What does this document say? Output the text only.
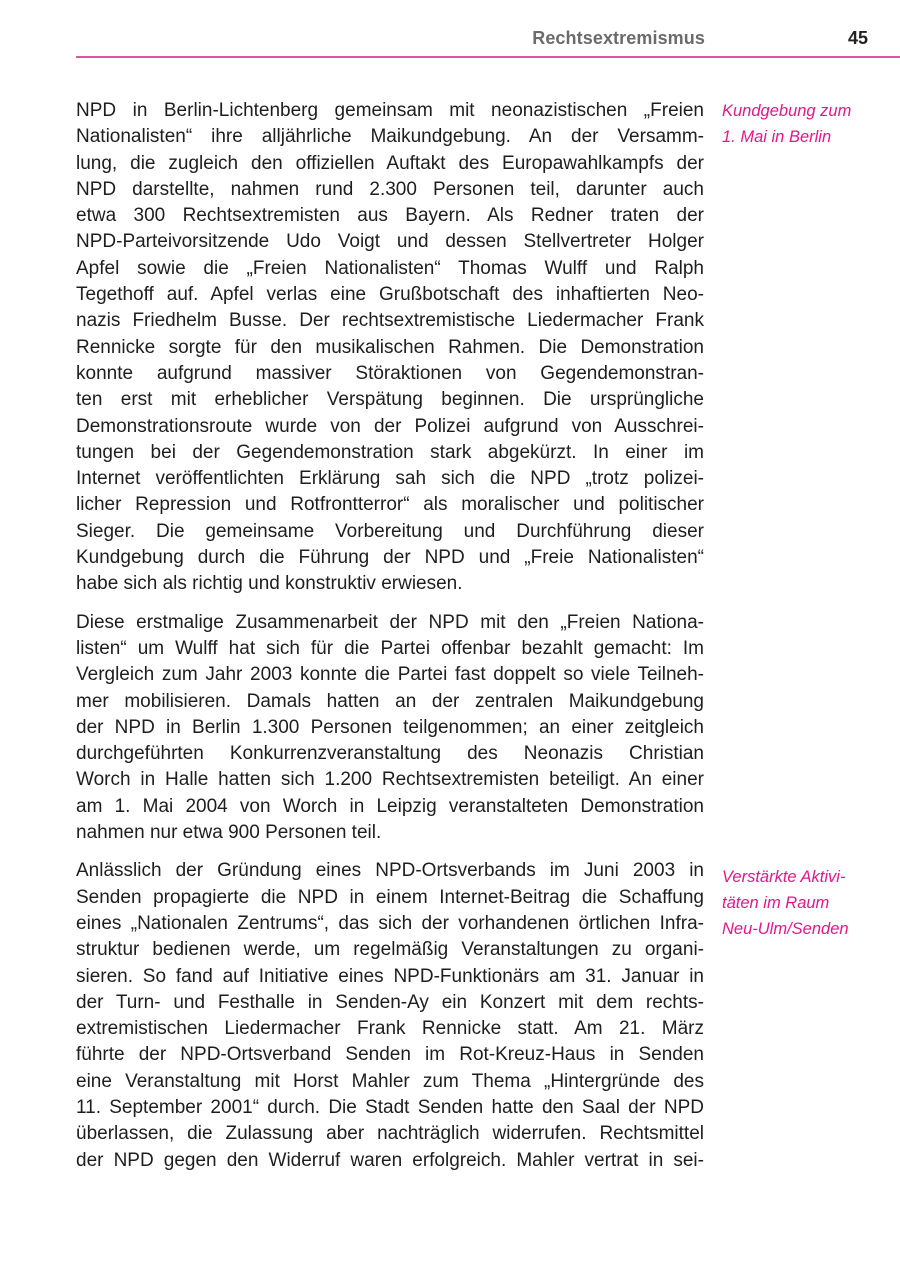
Rechtsextremismus	45

NPD in Berlin-Lichtenberg gemeinsam mit neonazistischen „Freien
Nationalisten“ ihre alljährliche Maikundgebung. An der Versamm-
lung, die zugleich den offiziellen Auftakt des Europawahlkampfs der
NPD darstellte, nahmen rund 2.300 Personen teil, darunter auch
etwa 300 Rechtsextremisten aus Bayern. Als Redner traten der
NPD-Parteivorsitzende Udo Voigt und dessen Stellvertreter Holger
Apfel sowie die „Freien Nationalisten“ Thomas Wulff und Ralph
Tegethoff auf. Apfel verlas eine Grußbotschaft des inhaftierten Neo-
nazis Friedhelm Busse. Der rechtsextremistische Liedermacher Frank
Rennicke sorgte für den musikalischen Rahmen. Die Demonstration
konnte aufgrund massiver Störaktionen von Gegendemonstran-
ten erst mit erheblicher Verspätung beginnen. Die ursprüngliche
Demonstrationsroute wurde von der Polizei aufgrund von Ausschrei-
tungen bei der Gegendemonstration stark abgekürzt. In einer im
Internet veröffentlichten Erklärung sah sich die NPD „trotz polizei-
licher Repression und Rotfrontterror“ als moralischer und politischer
Sieger. Die gemeinsame Vorbereitung und Durchführung dieser
Kundgebung durch die Führung der NPD und „Freie Nationalisten“
habe sich als richtig und konstruktiv erwiesen.

Diese erstmalige Zusammenarbeit der NPD mit den „Freien Nationa-
listen“ um Wulff hat sich für die Partei offenbar bezahlt gemacht: Im
Vergleich zum Jahr 2003 konnte die Partei fast doppelt so viele Teilneh-
mer mobilisieren. Damals hatten an der zentralen Maikundgebung
der NPD in Berlin 1.300 Personen teilgenommen; an einer zeitgleich
durchgeführten Konkurrenzveranstaltung des Neonazis Christian
Worch in Halle hatten sich 1.200 Rechtsextremisten beteiligt. An einer
am 1. Mai 2004 von Worch in Leipzig veranstalteten Demonstration
nahmen nur etwa 900 Personen teil.

Anlässlich der Gründung eines NPD-Ortsverbands im Juni 2003 in
Senden propagierte die NPD in einem Internet-Beitrag die Schaffung
eines „Nationalen Zentrums“, das sich der vorhandenen örtlichen Infra-
struktur bedienen werde, um regelmäßig Veranstaltungen zu organi-
sieren. So fand auf Initiative eines NPD-Funktionärs am 31. Januar in
der Turn- und Festhalle in Senden-Ay ein Konzert mit dem rechts-
extremistischen Liedermacher Frank Rennicke statt. Am 21. März
führte der NPD-Ortsverband Senden im Rot-Kreuz-Haus in Senden
eine Veranstaltung mit Horst Mahler zum Thema „Hintergründe des
11. September 2001“ durch. Die Stadt Senden hatte den Saal der NPD
überlassen, die Zulassung aber nachträglich widerrufen. Rechtsmittel
der NPD gegen den Widerruf waren erfolgreich. Mahler vertrat in sei-

Kundgebung zum
1. Mai in Berlin
Verstärkte Aktivi-
täten im Raum
Neu-Ulm/Senden
